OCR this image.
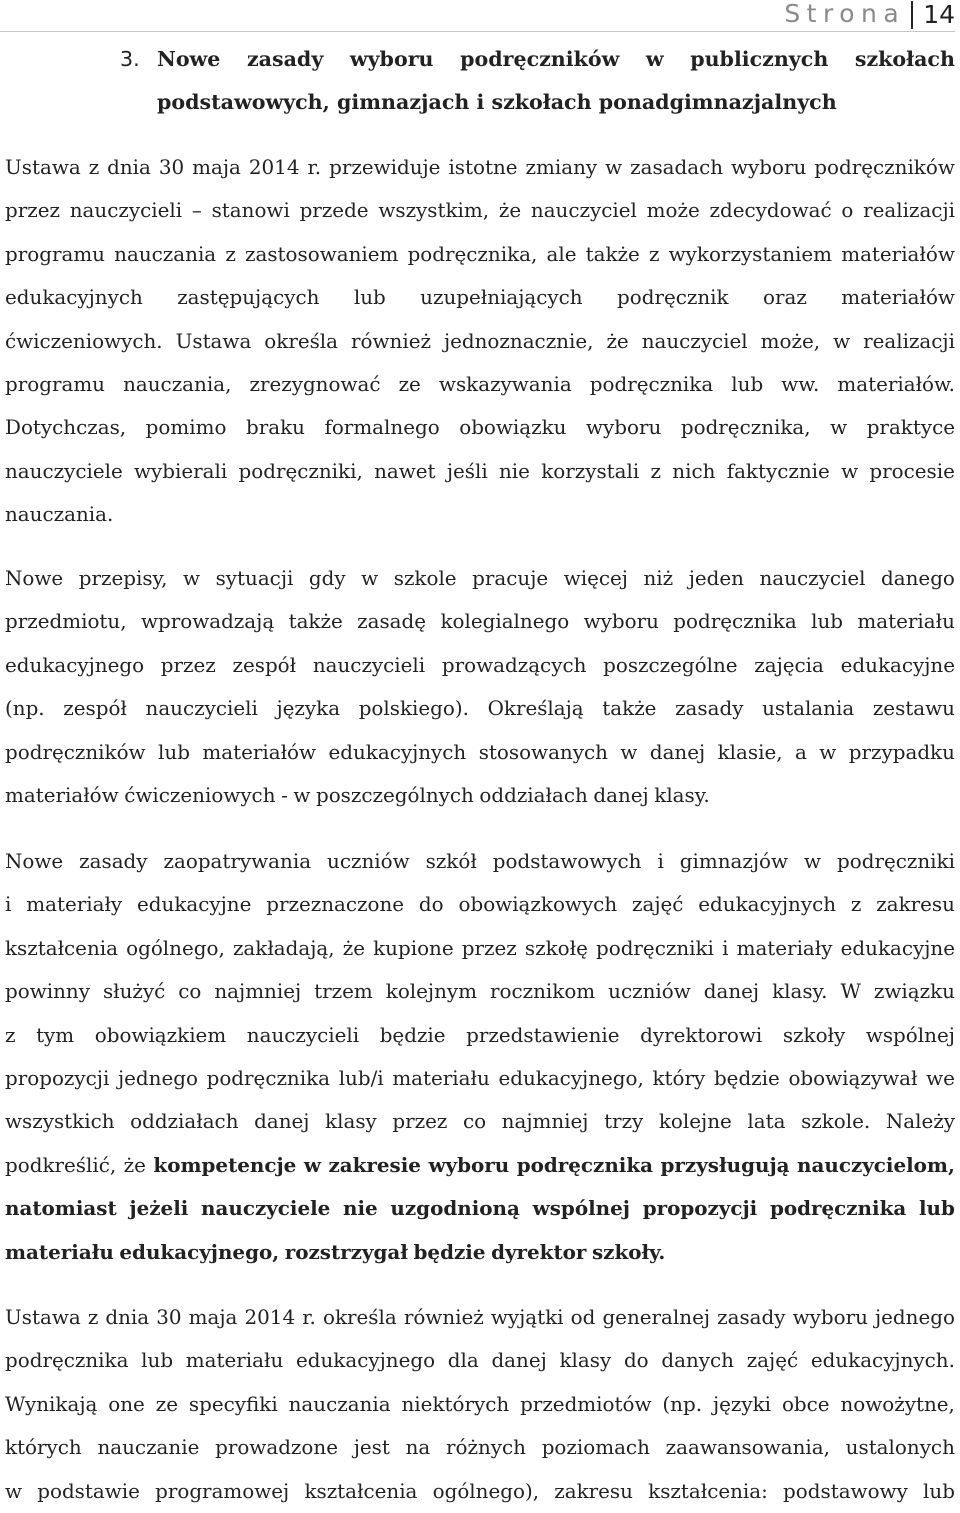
Strona 14
3. Nowe zasady wyboru podręczników w publicznych szkołach
podstawowych, gimnazjach i szkołach ponadgimnazjalnych
Ustawa z dnia 30 maja 2014 r. przewiduje istotne zmiany w zasadach wyboru podręczników
przez nauczycieli – stanowi przede wszystkim, że nauczyciel może zdecydować o realizacji
programu nauczania z zastosowaniem podręcznika, ale także z wykorzystaniem materiałów
edukacyjnych zastępujących lub uzupełniających podręcznik oraz materiałów
ćwiczeniowych. Ustawa określa również jednoznacznie, że nauczyciel może, w realizacji
programu nauczania, zrezygnować ze wskazywania podręcznika lub ww. materiałów.
Dotychczas, pomimo braku formalnego obowiązku wyboru podręcznika, w praktyce
nauczyciele wybierali podręczniki, nawet jeśli nie korzystali z nich faktycznie w procesie
nauczania.
Nowe przepisy, w sytuacji gdy w szkole pracuje więcej niż jeden nauczyciel danego
przedmiotu, wprowadzają także zasadę kolegialnego wyboru podręcznika lub materiału
edukacyjnego przez zespół nauczycieli prowadzących poszczególne zajęcia edukacyjne
(np. zespół nauczycieli języka polskiego). Określają także zasady ustalania zestawu
podręczników lub materiałów edukacyjnych stosowanych w danej klasie, a w przypadku
materiałów ćwiczeniowych - w poszczególnych oddziałach danej klasy.
Nowe zasady zaopatrywania uczniów szkół podstawowych i gimnazjów w podręczniki
i materiały edukacyjne przeznaczone do obowiązkowych zajęć edukacyjnych z zakresu
kształcenia ogólnego, zakładają, że kupione przez szkołę podręczniki i materiały edukacyjne
powinny służyć co najmniej trzem kolejnym rocznikom uczniów danej klasy. W związku
z tym obowiązkiem nauczycieli będzie przedstawienie dyrektorowi szkoły wspólnej
propozycji jednego podręcznika lub/i materiału edukacyjnego, który będzie obowiązywał we
wszystkich oddziałach danej klasy przez co najmniej trzy kolejne lata szkole. Należy
podkreślić, że kompetencje w zakresie wyboru podręcznika przysługują nauczycielom,
natomiast jeżeli nauczyciele nie uzgodnioną wspólnej propozycji podręcznika lub
materiału edukacyjnego, rozstrzygał będzie dyrektor szkoły.
Ustawa z dnia 30 maja 2014 r. określa również wyjątki od generalnej zasady wyboru jednego
podręcznika lub materiału edukacyjnego dla danej klasy do danych zajęć edukacyjnych.
Wynikają one ze specyfiki nauczania niektórych przedmiotów (np. języki obce nowożytne,
których nauczanie prowadzone jest na różnych poziomach zaawansowania, ustalonych
w podstawie programowej kształcenia ogólnego), zakresu kształcenia: podstawowy lub
